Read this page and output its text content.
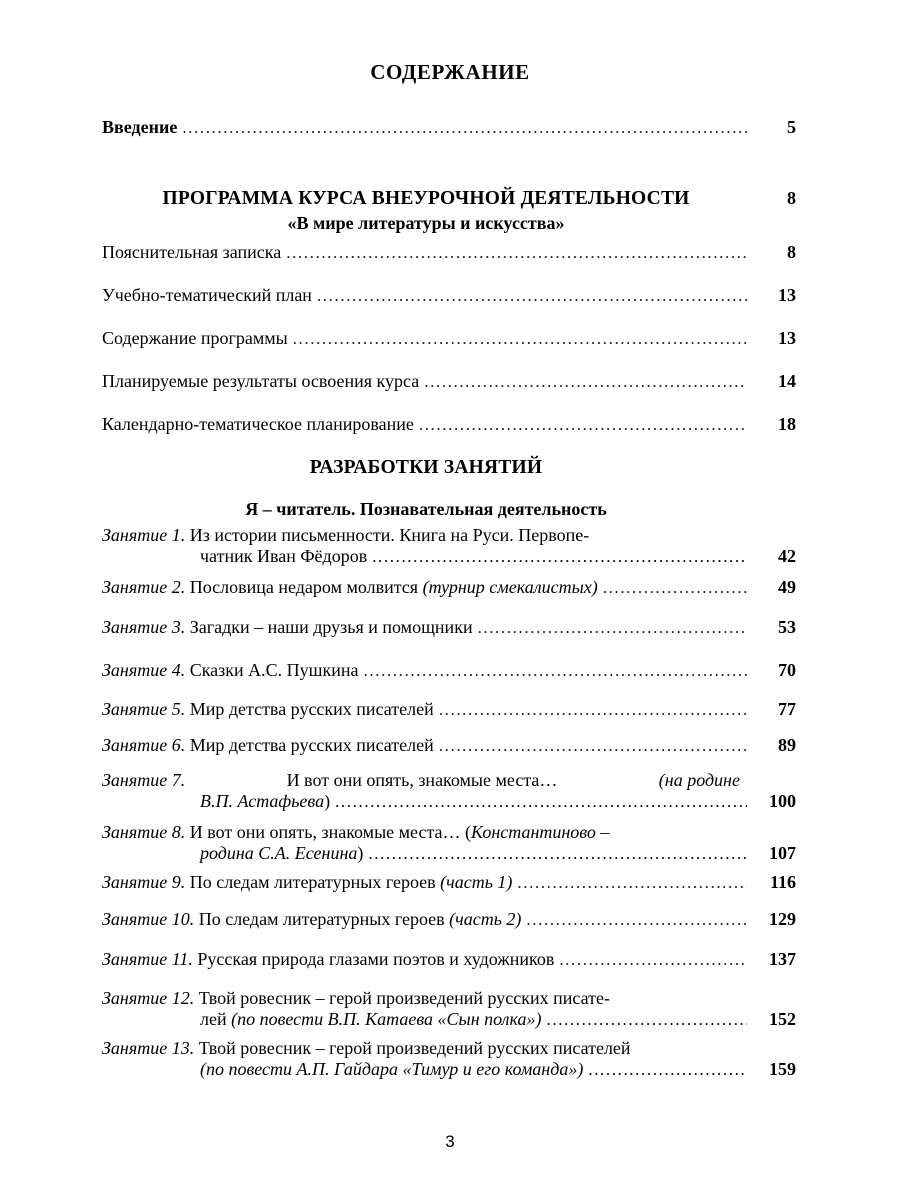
СОДЕРЖАНИЕ
Введение .....	5
ПРОГРАММА КУРСА ВНЕУРОЧНОЙ ДЕЯТЕЛЬНОСТИ	8
«В мире литературы и искусства»
Пояснительная записка .....	8
Учебно-тематический план .....	13
Содержание программы .....	13
Планируемые результаты освоения курса .....	14
Календарно-тематическое планирование .....	18
РАЗРАБОТКИ ЗАНЯТИЙ
Я – читатель. Познавательная деятельность
Занятие 1. Из истории письменности. Книга на Руси. Первопе-
чатник Иван Фёдоров .....	42
Занятие 2. Пословица недаром молвится (турнир смекалистых) .....	49
Занятие 3. Загадки – наши друзья и помощники .....	53
Занятие 4. Сказки А.С. Пушкина .....	70
Занятие 5. Мир детства русских писателей .....	77
Занятие 6. Мир детства русских писателей .....	89
Занятие 7.	И вот они опять, знакомые места…	(на родине
В.П. Астафьева) .....	100
Занятие 8. И вот они опять, знакомые места… (Константиново –
родина С.А. Есенина) .....	107
Занятие 9. По следам литературных героев (часть 1) .....	116
Занятие 10. По следам литературных героев (часть 2) .....	129
Занятие 11. Русская природа глазами поэтов и художников .....	137
Занятие 12. Твой ровесник – герой произведений русских писате-
лей (по повести В.П. Катаева «Сын полка») .....	152
Занятие 13. Твой ровесник – герой произведений русских писателей
(по повести А.П. Гайдара «Тимур и его команда») .....	159
3
